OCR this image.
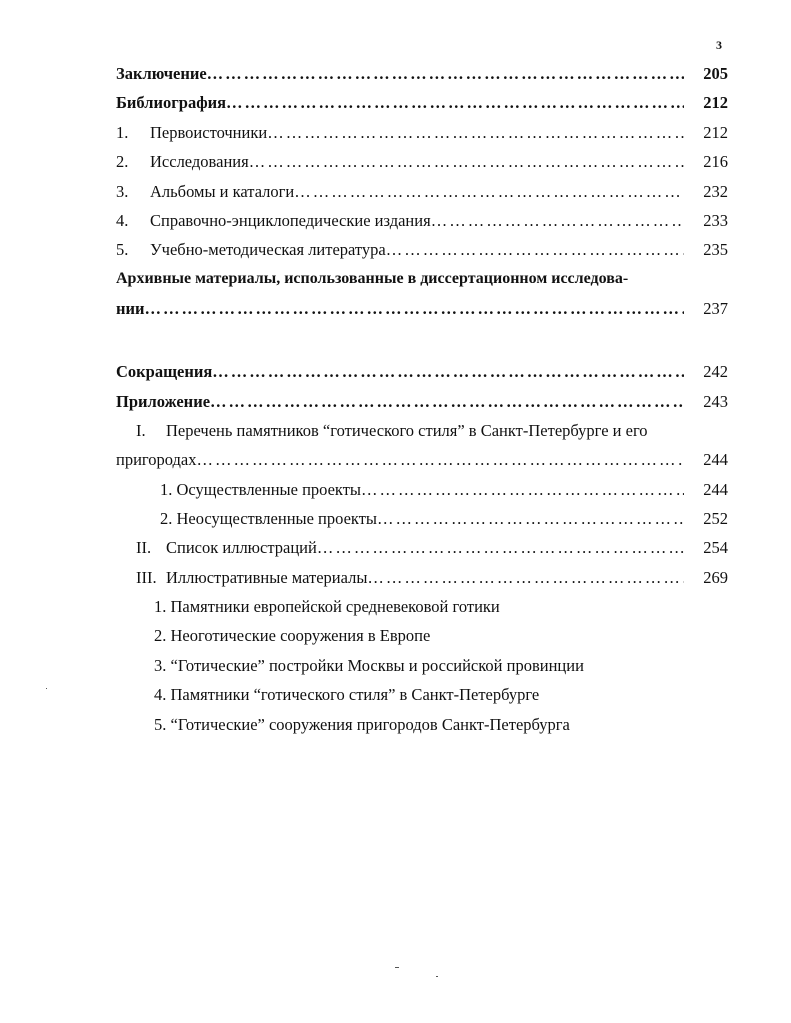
3
Заключение ……………………………………………………………………………………………………………………………………………………………………	205
Библиография ……………………………………………………………………………………………………………………………………………………………………	212
1.	Первоисточники ……………………………………………………………………………………………………………………………………………………………………	212
2.	Исследования ……………………………………………………………………………………………………………………………………………………………………	216
3.	Альбомы и каталоги ……………………………………………………………………………………………………………………………………………………………………	232
4.	Справочно-энциклопедические издания ……………………………………………………………………………………………………………………………………………………………………	233
5.	Учебно-методическая литература ……………………………………………………………………………………………………………………………………………………………………	235
Архивные материалы, использованные в диссертационном исследова-
нии ……………………………………………………………………………………………………………………………………………………………………	237
Сокращения ……………………………………………………………………………………………………………………………………………………………………	242
Приложение ……………………………………………………………………………………………………………………………………………………………………	243
I. Перечень памятников “готического стиля” в Санкт-Петербурге и его
пригородах ……………………………………………………………………………………………………………………………………………………………………	244
1. Осуществленные проекты ……………………………………………………………………………………………………………………………………………………………………	244
2. Неосуществленные проекты ……………………………………………………………………………………………………………………………………………………………………	252
II. Список иллюстраций ……………………………………………………………………………………………………………………………………………………………………	254
III. Иллюстративные материалы ……………………………………………………………………………………………………………………………………………………………………	269
1. Памятники европейской средневековой готики
2. Неоготические сооружения в Европе
3. “Готические” постройки Москвы и российской провинции
4. Памятники “готического стиля” в Санкт-Петербурге
5. “Готические” сооружения пригородов Санкт-Петербурга
